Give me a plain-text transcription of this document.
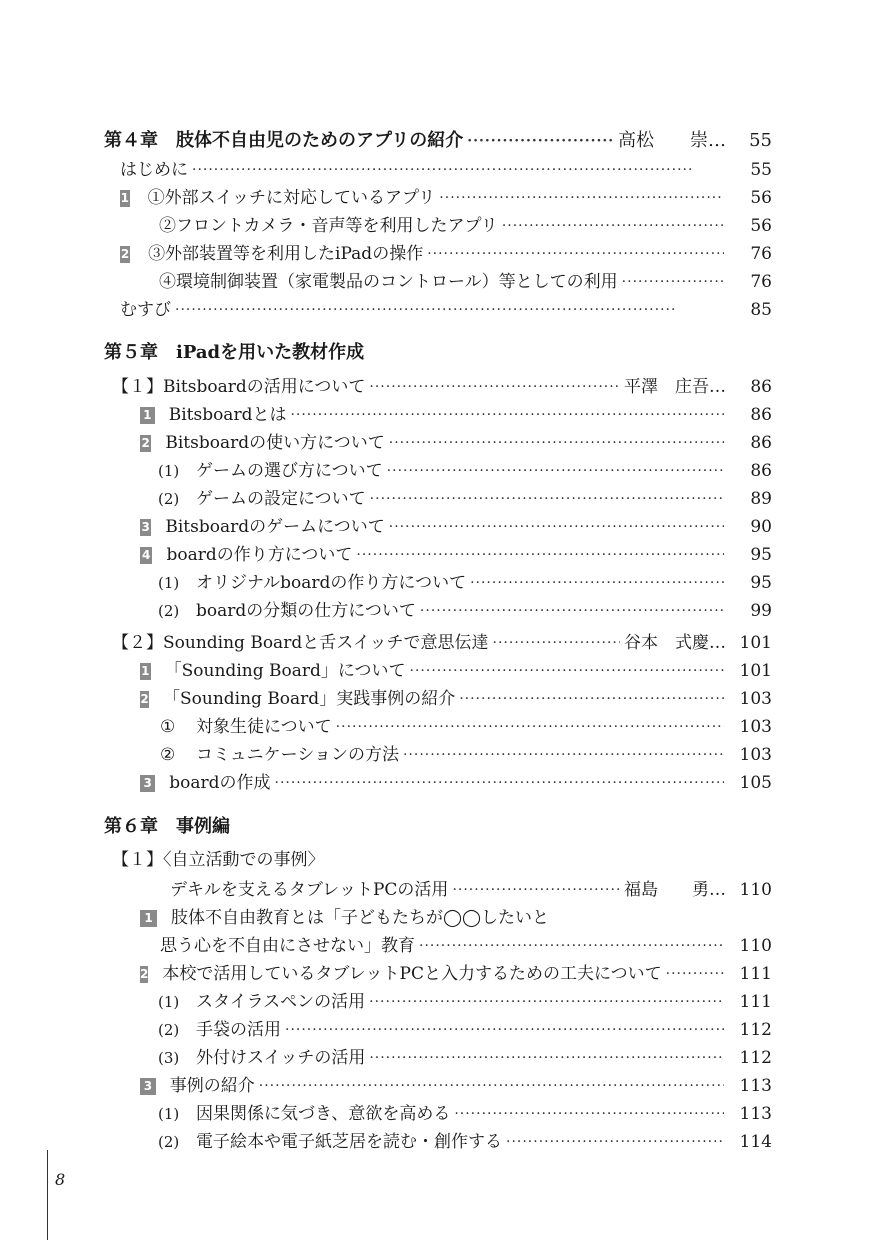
第４章　肢体不自由児のためのアプリの紹介 ·····	高松　　崇…	55
はじめに ·····	55
1 ①外部スイッチに対応しているアプリ ·····	56
②フロントカメラ・音声等を利用したアプリ ·····	56
2 ③外部装置等を利用したiPadの操作 ·····	76
④環境制御装置（家電製品のコントロール）等としての利用 ·····	76
むすび ·····	85
第５章　iPadを用いた教材作成
【１】Bitsboardの活用について ·····	平澤　庄吾…	86
1 Bitsboardとは ·····	86
2 Bitsboardの使い方について ·····	86
(1) ゲームの選び方について ·····	86
(2) ゲームの設定について ·····	89
3 Bitsboardのゲームについて ·····	90
4 boardの作り方について ·····	95
(1) オリジナルboardの作り方について ·····	95
(2) boardの分類の仕方について ·····	99
【２】Sounding Boardと舌スイッチで意思伝達 ·····	谷本　式慶… 101
1 「Sounding Board」について ·····	101
2 「Sounding Board」実践事例の紹介 ·····	103
①	対象生徒について ·····	103
②	コミュニケーションの方法 ·····	103
3 boardの作成 ·····	105
第６章　事例編
【１】〈自立活動での事例〉
デキルを支えるタブレットPCの活用 ·····	福島　　勇… 110
1 肢体不自由教育とは「子どもたちが◯◯したいと
思う心を不自由にさせない」教育 ·····	110
2 本校で活用しているタブレットPCと入力するための工夫について ·····	111
(1) スタイラスペンの活用 ·····	111
(2) 手袋の活用 ·····	112
(3) 外付けスイッチの活用 ·····	112
3 事例の紹介 ·····	113
(1) 因果関係に気づき、意欲を高める ·····	113
(2) 電子絵本や電子紙芝居を読む・創作する ·····	114
8
